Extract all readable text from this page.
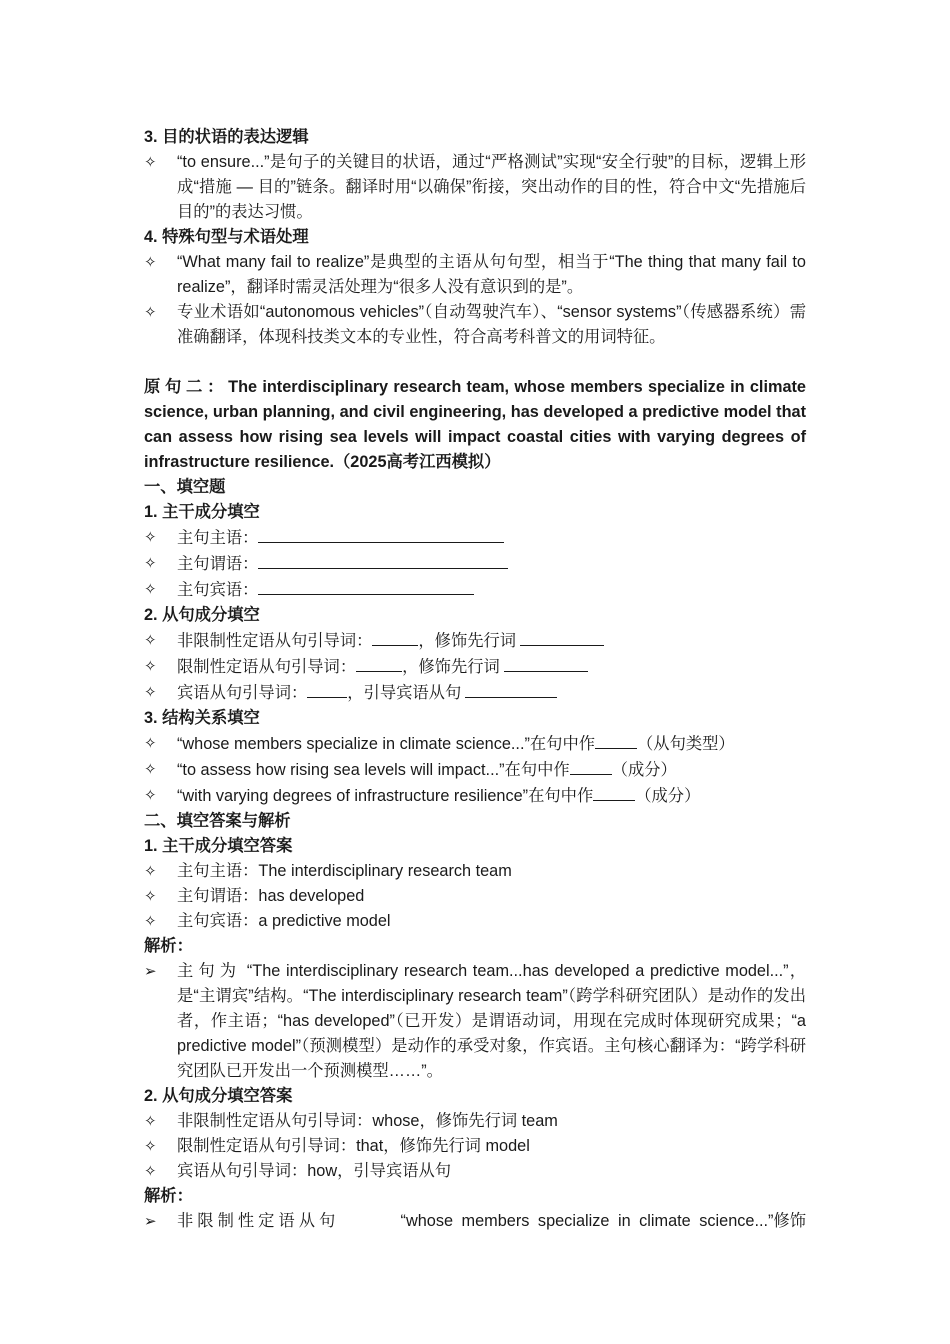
3. 目的状语的表达逻辑
✧	“to ensure...”是句子的关键目的状语，通过“严格测试”实现“安全行驶”的目标，逻辑上形成“措施 — 目的”链条。翻译时用“以确保”衔接，突出动作的目的性，符合中文“先措施后目的”的表达习惯。
4. 特殊句型与术语处理
✧	“What many fail to realize”是典型的主语从句句型，相当于“The thing that many fail to realize”，翻译时需灵活处理为“很多人没有意识到的是”。
✧	专业术语如“autonomous vehicles”（自动驾驶汽车）、“sensor systems”（传感器系统）需准确翻译，体现科技类文本的专业性，符合高考科普文的用词特征。
原句二：The interdisciplinary research team, whose members specialize in climate science, urban planning, and civil engineering, has developed a predictive model that can assess how rising sea levels will impact coastal cities with varying degrees of infrastructure resilience.（2025高考江西模拟）
一、填空题
1. 主干成分填空
✧	主句主语：
✧	主句谓语：
✧	主句宾语：
2. 从句成分填空
✧	非限制性定语从句引导词：	，修饰先行词
✧	限制性定语从句引导词：	，修饰先行词
✧	宾语从句引导词： ，引导宾语从句
3. 结构关系填空
✧	“whose members specialize in climate science...”在句中作	（从句类型）
✧	“to assess how rising sea levels will impact...”在句中作	（成分）
✧	“with varying degrees of infrastructure resilience”在句中作	（成分）
二、填空答案与解析
1. 主干成分填空答案
✧	主句主语：The interdisciplinary research team
✧	主句谓语：has developed
✧	主句宾语：a predictive model
解析：
➢	主句为 “The interdisciplinary research team...has developed a predictive model...”，是“主谓宾”结构。“The interdisciplinary research team”（跨学科研究团队）是动作的发出者，作主语；“has developed”（已开发）是谓语动词，用现在完成时体现研究成果；“a predictive model”（预测模型）是动作的承受对象，作宾语。主句核心翻译为：“跨学科研究团队已开发出一个预测模型……”。
2. 从句成分填空答案
✧	非限制性定语从句引导词：whose，修饰先行词 team
✧	限制性定语从句引导词：that，修饰先行词 model
✧	宾语从句引导词：how，引导宾语从句
解析：
➢	非限制性定语从句	“whose members specialize in climate science...”修饰
